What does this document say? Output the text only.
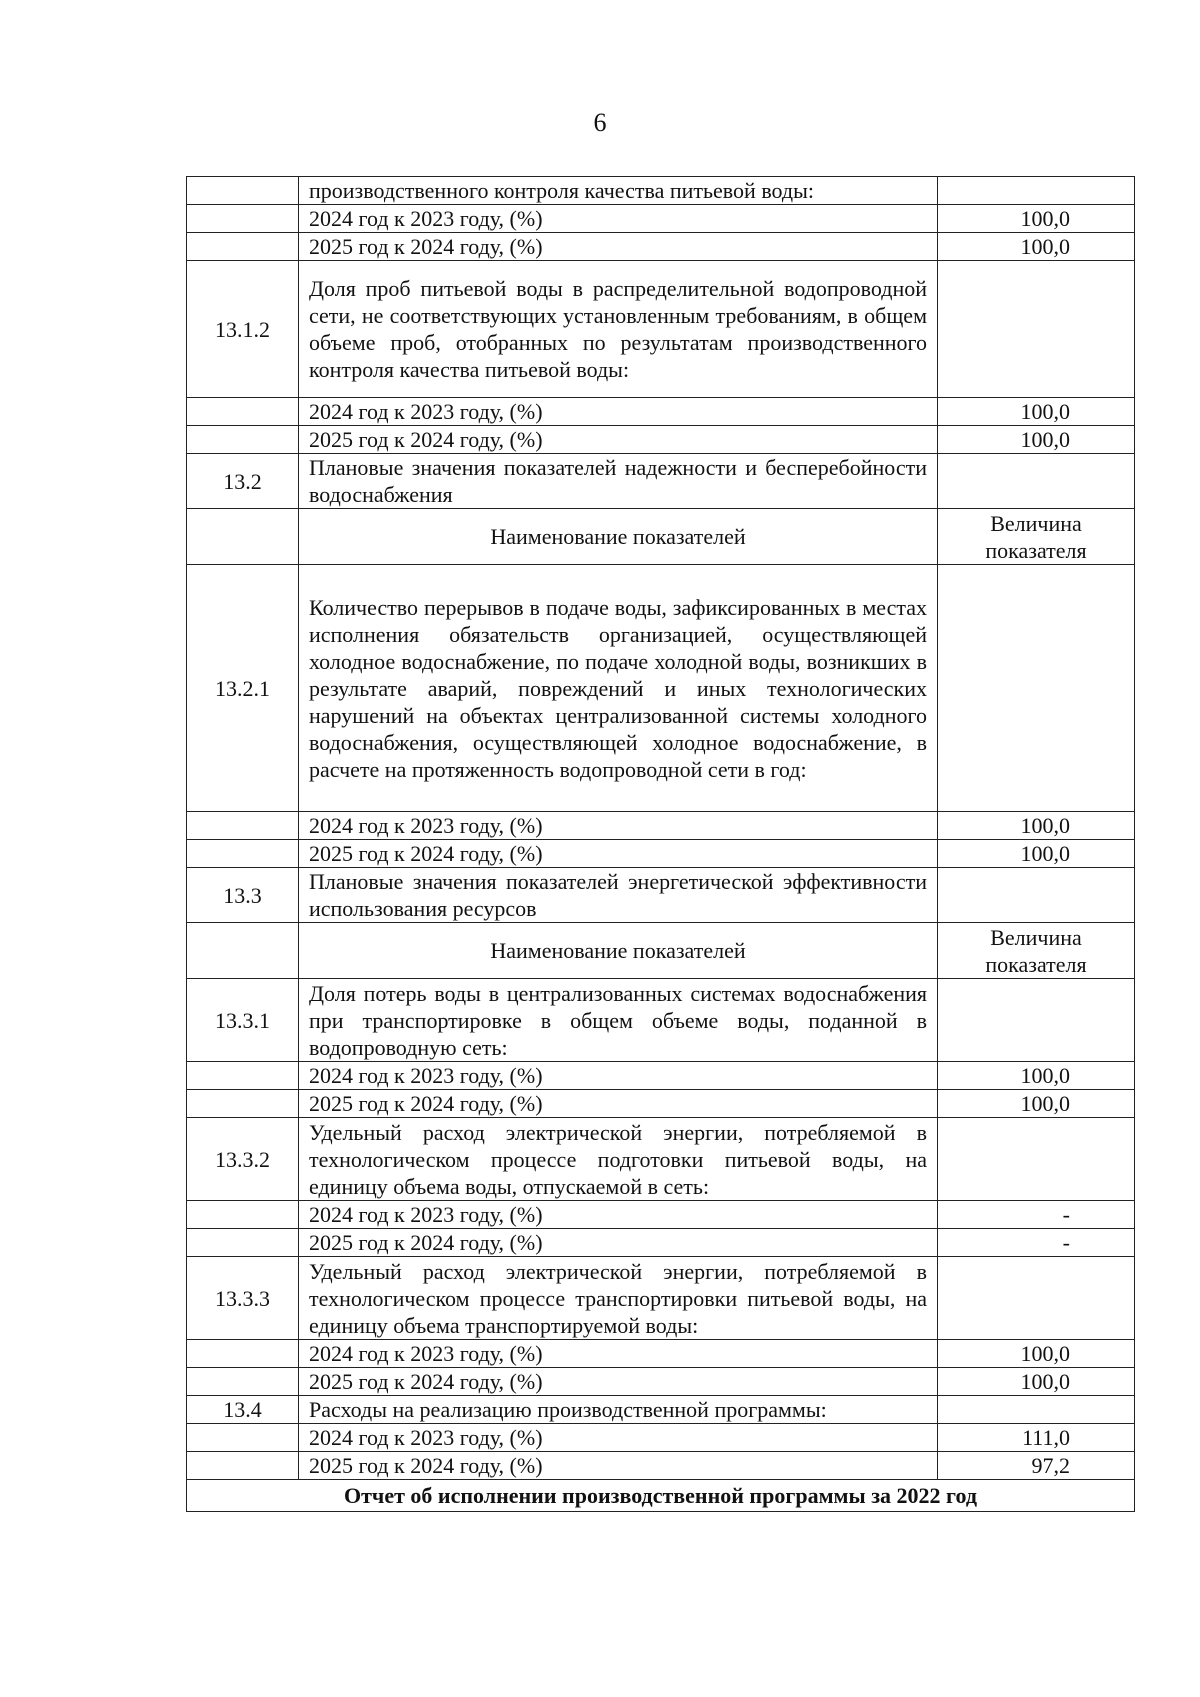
6
	производственного контроля качества питьевой воды:	
	2024 год к 2023 году, (%)	100,0
	2025 год к 2024 году, (%)	100,0
13.1.2	Доля проб питьевой воды в распределительной водопроводной сети, не соответствующих установленным требованиям, в общем объеме проб, отобранных по результатам производственного контроля качества питьевой воды:	
	2024 год к 2023 году, (%)	100,0
	2025 год к 2024 году, (%)	100,0
13.2	Плановые значения показателей надежности и бесперебойности водоснабжения	
	Наименование показателей	Величина показателя
13.2.1	Количество перерывов в подаче воды, зафиксированных в местах исполнения обязательств организацией, осуществляющей холодное водоснабжение, по подаче холодной воды, возникших в результате аварий, повреждений и иных технологических нарушений на объектах централизованной системы холодного водоснабжения, осуществляющей холодное водоснабжение, в расчете на протяженность водопроводной сети в год:	
	2024 год к 2023 году, (%)	100,0
	2025 год к 2024 году, (%)	100,0
13.3	Плановые значения показателей энергетической эффективности использования ресурсов	
	Наименование показателей	Величина показателя
13.3.1	Доля потерь воды в централизованных системах водоснабжения при транспортировке в общем объеме воды, поданной в водопроводную сеть:	
	2024 год к 2023 году, (%)	100,0
	2025 год к 2024 году, (%)	100,0
13.3.2	Удельный расход электрической энергии, потребляемой в технологическом процессе подготовки питьевой воды, на единицу объема воды, отпускаемой в сеть:	
	2024 год к 2023 году, (%)	-
	2025 год к 2024 году, (%)	-
13.3.3	Удельный расход электрической энергии, потребляемой в технологическом процессе транспортировки питьевой воды, на единицу объема транспортируемой воды:	
	2024 год к 2023 году, (%)	100,0
	2025 год к 2024 году, (%)	100,0
13.4	Расходы на реализацию производственной программы:	
	2024 год к 2023 году, (%)	111,0
	2025 год к 2024 году, (%)	97,2
Отчет об исполнении производственной программы за 2022 год		
